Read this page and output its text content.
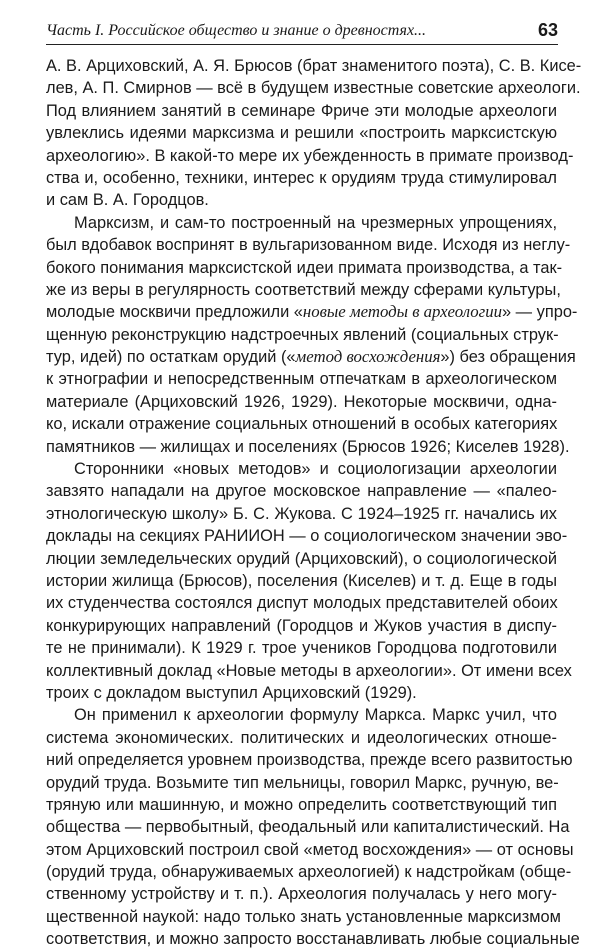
Часть I. Российское общество и знание о древностях...	63
А. В. Арциховский, А. Я. Брюсов (брат знаменитого поэта), С. В. Кисе-
лев, А. П. Смирнов — всё в будущем известные советские археологи.
Под влиянием занятий в семинаре Фриче эти молодые археологи
увлеклись идеями марксизма и решили «построить марксистскую
археологию». В какой-то мере их убежденность в примате производ-
ства и, особенно, техники, интерес к орудиям труда стимулировал
и сам В. А. Городцов.
Марксизм, и сам-то построенный на чрезмерных упрощениях,
был вдобавок воспринят в вульгаризованном виде. Исходя из неглу-
бокого понимания марксистской идеи примата производства, а так-
же из веры в регулярность соответствий между сферами культуры,
молодые москвичи предложили «новые методы в археологии» — упро-
щенную реконструкцию надстроечных явлений (социальных струк-
тур, идей) по остаткам орудий («метод восхождения») без обращения
к этнографии и непосредственным отпечаткам в археологическом
материале (Арциховский 1926, 1929). Некоторые москвичи, одна-
ко, искали отражение социальных отношений в особых категориях
памятников — жилищах и поселениях (Брюсов 1926; Киселев 1928).
Сторонники «новых методов» и социологизации археологии
завзято нападали на другое московское направление — «палео-
этнологическую школу» Б. С. Жукова. С 1924–1925 гг. начались их
доклады на секциях РАНИИОН — о социологическом значении эво-
люции земледельческих орудий (Арциховский), о социологической
истории жилища (Брюсов), поселения (Киселев) и т. д. Еще в годы
их студенчества состоялся диспут молодых представителей обоих
конкурирующих направлений (Городцов и Жуков участия в диспу-
те не принимали). К 1929 г. трое учеников Городцова подготовили
коллективный доклад «Новые методы в археологии». От имени всех
троих с докладом выступил Арциховский (1929).
Он применил к археологии формулу Маркса. Маркс учил, что
система экономических. политических и идеологических отноше-
ний определяется уровнем производства, прежде всего развитостью
орудий труда. Возьмите тип мельницы, говорил Маркс, ручную, ве-
тряную или машинную, и можно определить соответствующий тип
общества — первобытный, феодальный или капиталистический. На
этом Арциховский построил свой «метод восхождения» — от основы
(орудий труда, обнаруживаемых археологией) к надстройкам (обще-
ственному устройству и т. п.). Археология получалась у него могу-
щественной наукой: надо только знать установленные марксизмом
соответствия, и можно запросто восстанавливать любые социальные
